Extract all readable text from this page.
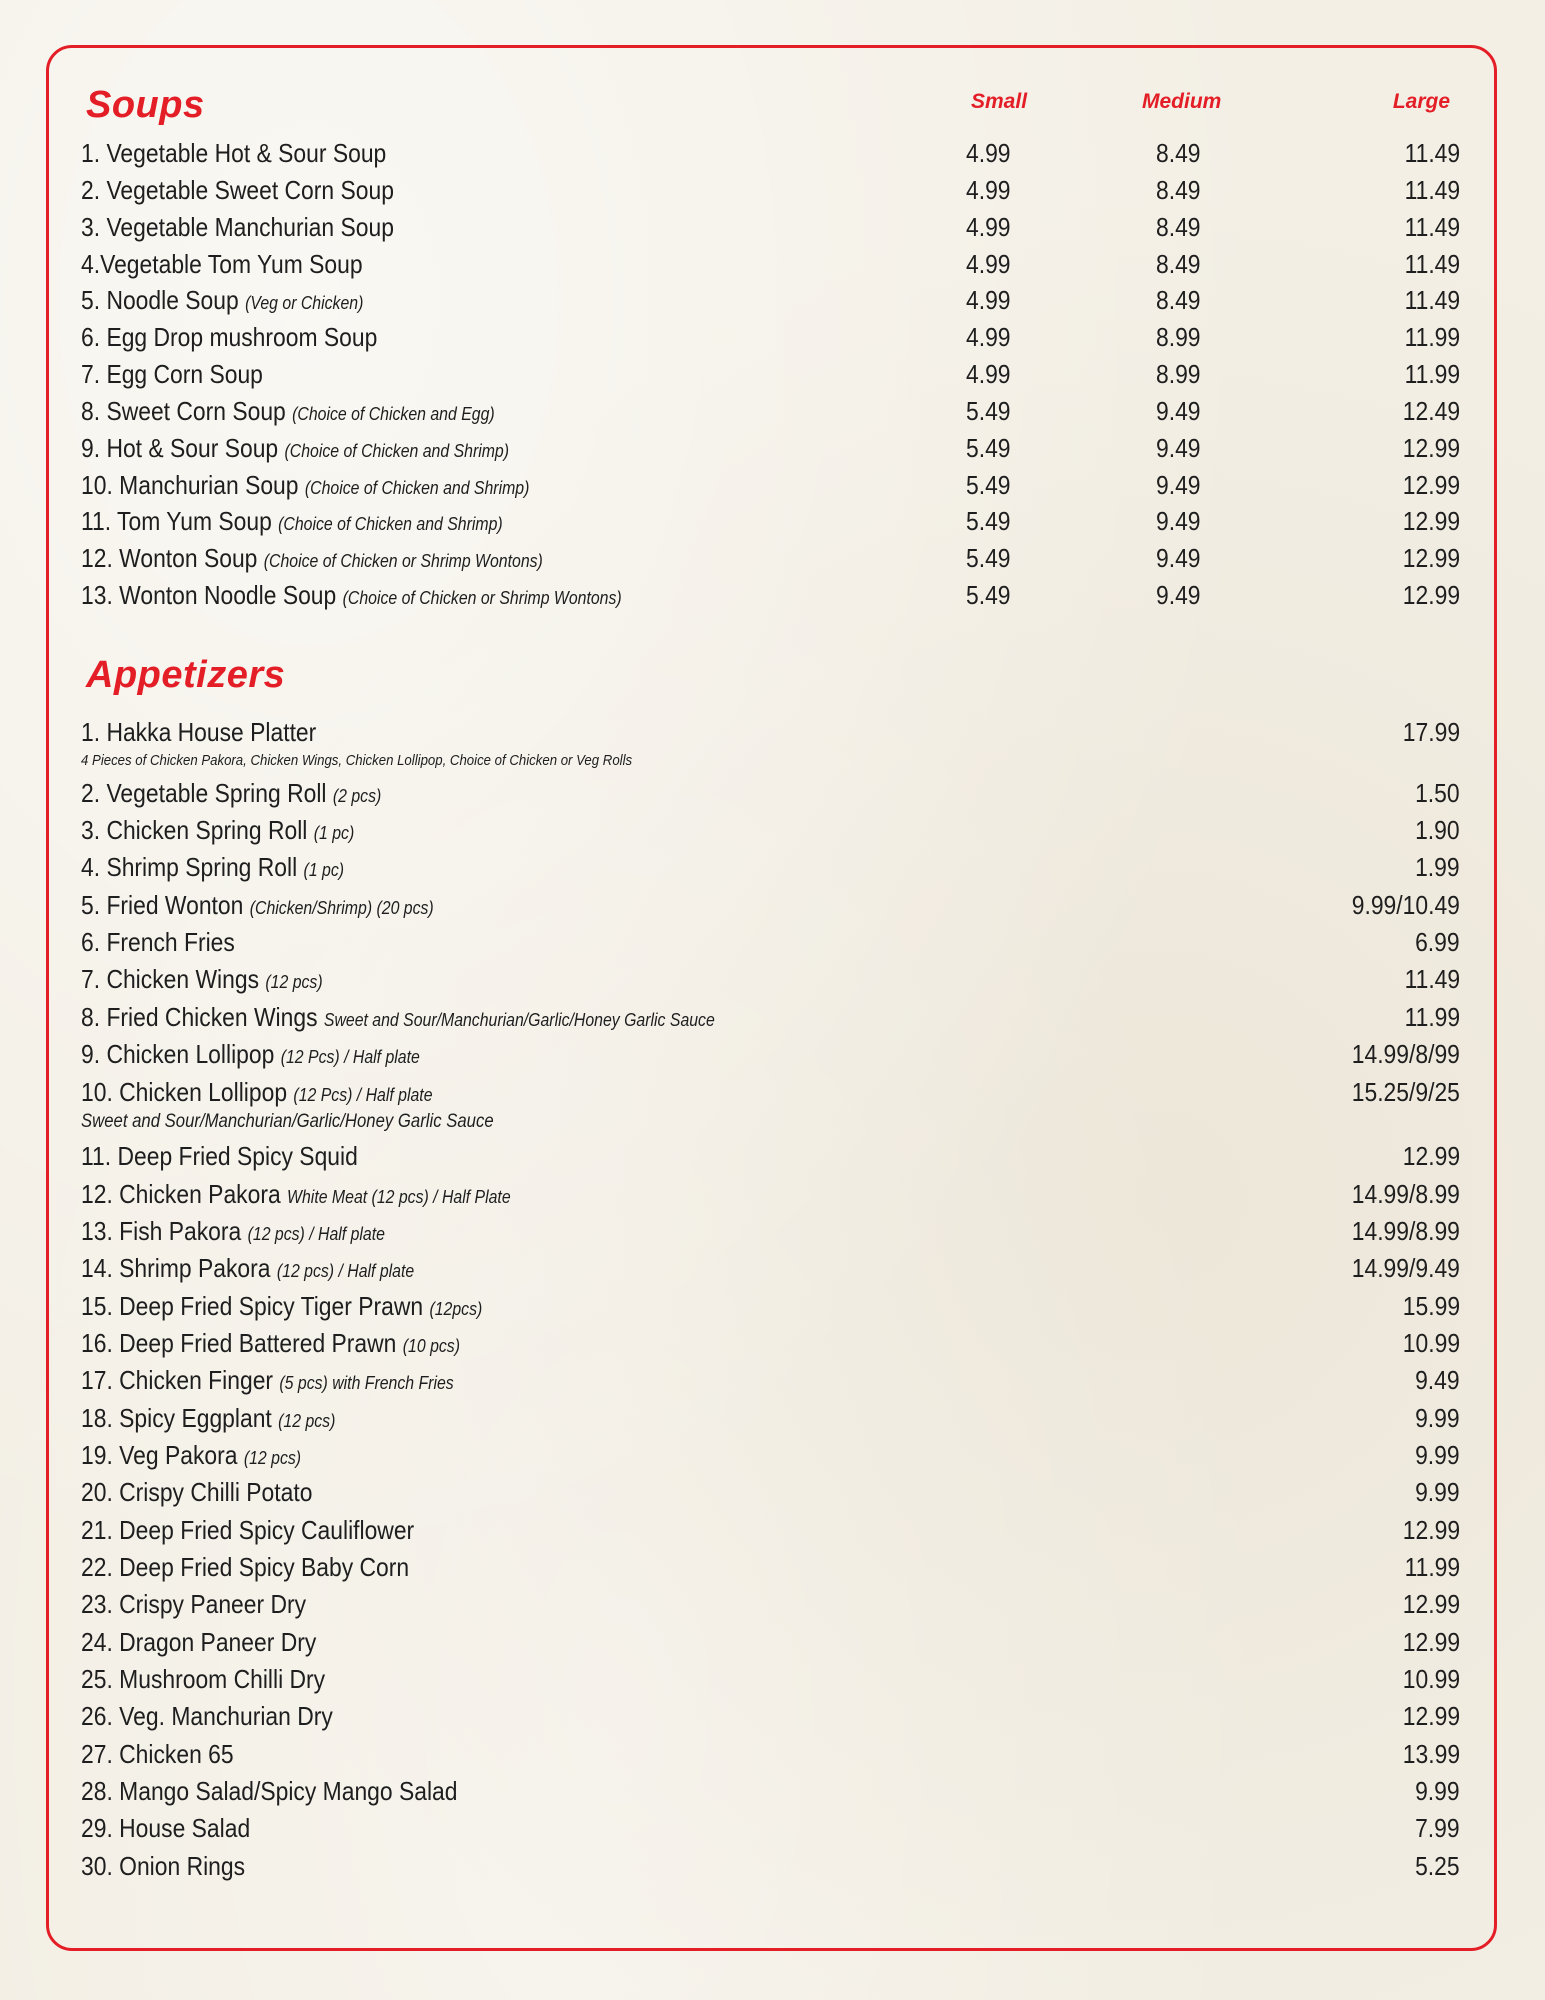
Soups	Small	Medium	Large
1. Vegetable Hot & Sour Soup	4.99	8.49	11.49
2. Vegetable Sweet Corn Soup	4.99	8.49	11.49
3. Vegetable Manchurian Soup	4.99	8.49	11.49
4.Vegetable Tom Yum Soup	4.99	8.49	11.49
5. Noodle Soup (Veg or Chicken)	4.99	8.49	11.49
6. Egg Drop mushroom Soup	4.99	8.99	11.99
7. Egg Corn Soup	4.99	8.99	11.99
8. Sweet Corn Soup (Choice of Chicken and Egg)	5.49	9.49	12.49
9. Hot & Sour Soup (Choice of Chicken and Shrimp)	5.49	9.49	12.99
10. Manchurian Soup (Choice of Chicken and Shrimp)	5.49	9.49	12.99
11. Tom Yum Soup (Choice of Chicken and Shrimp)	5.49	9.49	12.99
12. Wonton Soup (Choice of Chicken or Shrimp Wontons)	5.49	9.49	12.99
13. Wonton Noodle Soup (Choice of Chicken or Shrimp Wontons)	5.49	9.49	12.99
Appetizers
1. Hakka House Platter	17.99
4 Pieces of Chicken Pakora, Chicken Wings, Chicken Lollipop, Choice of Chicken or Veg Rolls
2. Vegetable Spring Roll (2 pcs)	1.50
3. Chicken Spring Roll (1 pc)	1.90
4. Shrimp Spring Roll (1 pc)	1.99
5. Fried Wonton (Chicken/Shrimp) (20 pcs)	9.99/10.49
6. French Fries	6.99
7. Chicken Wings (12 pcs)	11.49
8. Fried Chicken Wings Sweet and Sour/Manchurian/Garlic/Honey Garlic Sauce	11.99
9. Chicken Lollipop (12 Pcs) / Half plate	14.99/8/99
10. Chicken Lollipop (12 Pcs) / Half plate	15.25/9/25
Sweet and Sour/Manchurian/Garlic/Honey Garlic Sauce
11. Deep Fried Spicy Squid	12.99
12. Chicken Pakora White Meat (12 pcs) / Half Plate	14.99/8.99
13. Fish Pakora (12 pcs) / Half plate	14.99/8.99
14. Shrimp Pakora (12 pcs) / Half plate	14.99/9.49
15. Deep Fried Spicy Tiger Prawn (12pcs)	15.99
16. Deep Fried Battered Prawn (10 pcs)	10.99
17. Chicken Finger (5 pcs) with French Fries	9.49
18. Spicy Eggplant (12 pcs)	9.99
19. Veg Pakora (12 pcs)	9.99
20. Crispy Chilli Potato	9.99
21. Deep Fried Spicy Cauliflower	12.99
22. Deep Fried Spicy Baby Corn	11.99
23. Crispy Paneer Dry	12.99
24. Dragon Paneer Dry	12.99
25. Mushroom Chilli Dry	10.99
26. Veg. Manchurian Dry	12.99
27. Chicken 65	13.99
28. Mango Salad/Spicy Mango Salad	9.99
29. House Salad	7.99
30. Onion Rings	5.25
